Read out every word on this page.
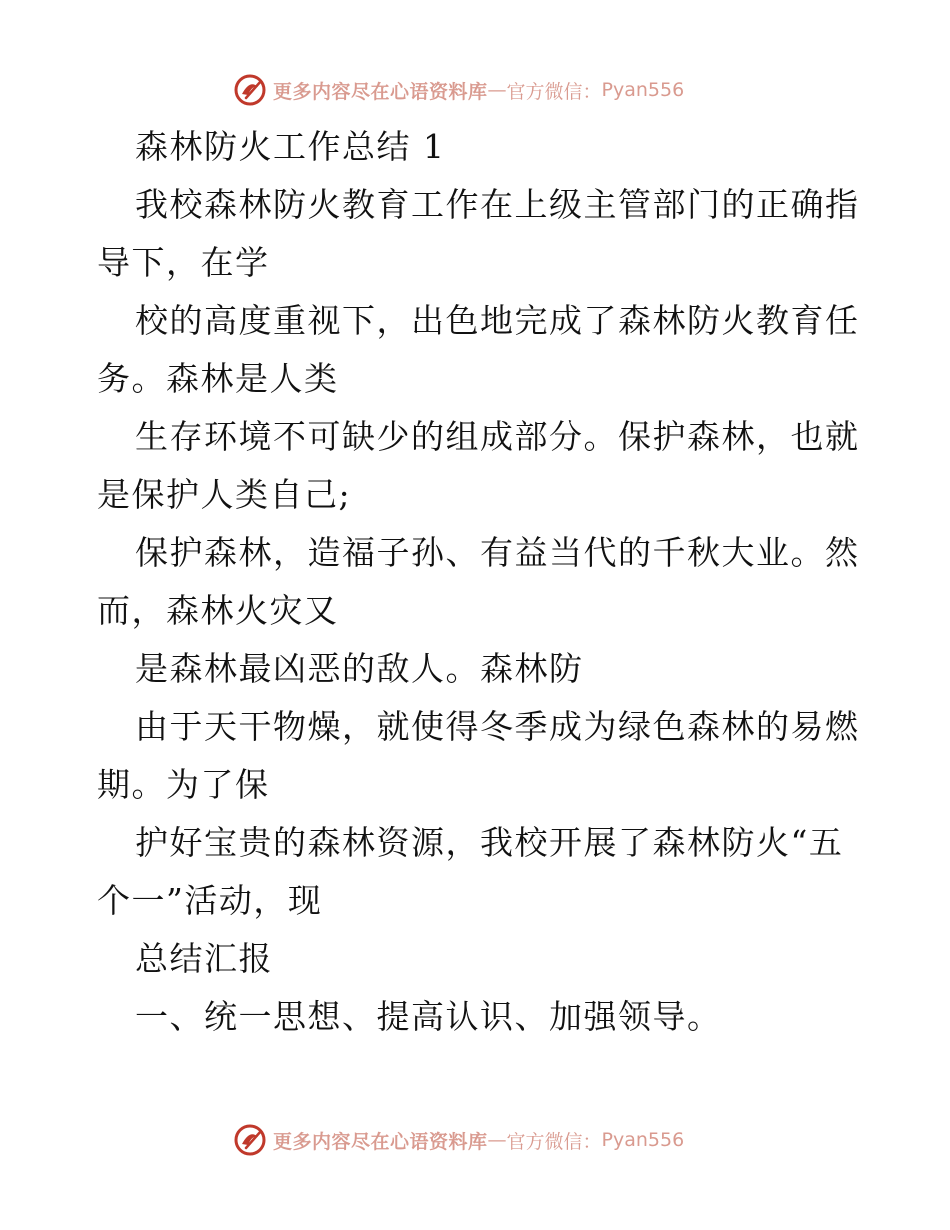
更多内容尽在心语资料库 — 官方微信： Pyan556
森林防火工作总结 1
我校森林防火教育工作在上级主管部门的正确指
导下，在学
校的高度重视下，出色地完成了森林防火教育任
务。森林是人类
生存环境不可缺少的组成部分。保护森林，也就
是保护人类自己;
保护森林，造福子孙、有益当代的千秋大业。然
而，森林火灾又
是森林最凶恶的敌人。森林防
由于天干物燥，就使得冬季成为绿色森林的易燃
期。为了保
护好宝贵的森林资源，我校开展了森林防火“五
个一”活动，现
总结汇报
一、统一思想、提高认识、加强领导。
更多内容尽在心语资料库 — 官方微信： Pyan556
